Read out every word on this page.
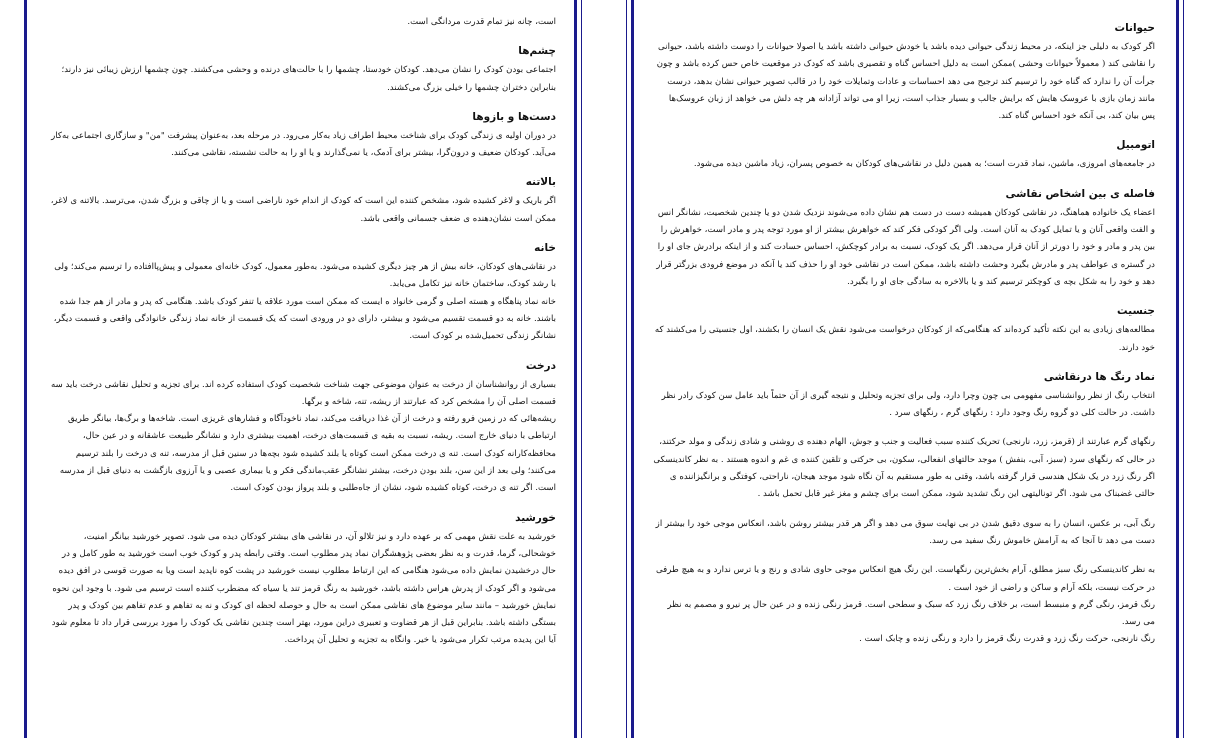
است، چانه نیز تمام قدرت مردانگی است.

چشم‌ها

اجتماعی بودن کودک را نشان می‌دهد. کودکان خودستا، چشمها را با حالت‌های درنده و وحشی می‌کشند. چون چشمها ارزش زیبائی نیز دارند؛ بنابراین دختران چشمها را خیلی بزرگ می‌کشند.

دست‌ها و بازوها

در دوران اولیه ی زندگی کودک برای شناخت محیط اطراف زیاد به‌کار می‌رود. در مرحله بعد، به‌عنوان پیشرفت "من" و سازگاری اجتماعی به‌کار می‌آید. کودکان ضعیف و درون‌گرا، بیشتر برای آدمک، یا نمی‌گذارند و یا او را به حالت نشسته، نقاشی می‌کنند.

بالاتنه

اگر باریک و لاغر کشیده شود، مشخص کننده این است که کودک از اندام خود ناراضی است و یا از چاقی و بزرگ شدن، می‌ترسد. بالاتنه ی لاغر، ممکن است نشان‌دهنده ی ضعف جسمانی واقعی باشد.

خانه

در نقاشی‌های کودکان، خانه بیش از هر چیز دیگری کشیده می‌شود. به‌طور معمول، کودک خانه‌ای معمولی و پیش‌پاافتاده را ترسیم می‌کند؛ ولی با رشد کودک، ساختمان خانه نیز تکامل می‌یابد.

خانه نماد پناهگاه و هسته اصلی و گرمی خانواد ه ایست که ممکن است مورد علاقه یا تنفر کودک باشد. هنگامی که پدر و مادر از هم جدا شده باشند. خانه به دو قسمت تقسیم می‌شود و بیشتر، دارای دو در ورودی است که یک قسمت از خانه نماد زندگی خانوادگی واقعی و قسمت دیگر، نشانگر زندگی تحمیل‌شده بر کودک است.

درخت

بسیاری از روانشناسان از درخت به عنوان موضوعی جهت شناخت شخصیت کودک استفاده کرده اند. برای تجزیه و تحلیل نقاشی درخت باید سه قسمت اصلی آن را مشخص کرد که عبارتند از ریشه، تنه، شاخه و برگها.

ریشه‌هائی که در زمین فرو رفته و درخت از آن غذا دریافت می‌کند، نماد ناخودآگاه و فشارهای غریزی است. شاخه‌ها و برگ‌ها، بیانگر طریق ارتباطی با دنیای خارج است. ریشه، نسبت به بقیه ی قسمت‌های درخت، اهمیت بیشتری دارد و نشانگر طبیعت عاشقانه و در عین حال، محافظه‌کارانه کودک است. تنه ی درخت ممکن است کوتاه یا بلند کشیده شود بچه‌ها در سنین قبل از مدرسه، تنه ی درخت را بلند ترسیم می‌کنند؛ ولی بعد از این سن، بلند بودن درخت، بیشتر نشانگر عقب‌ماندگی فکر و یا بیماری عصبی و یا آرزوی بازگشت به دنیای قبل از مدرسه است. اگر تنه ی درخت، کوتاه کشیده شود، نشان از جاه‌طلبی و بلند پرواز بودن کودک است.

خورشید

خورشید به علت نقش مهمی که بر عهده دارد و نیز تلالو آن، در نقاشی های بیشتر کودکان دیده می شود. تصویر خورشید بیانگر امنیت، خوشحالی، گرما، قدرت و به نظر بعضی پژوهشگران نماد پدر مطلوب است. وقتی رابطه پدر و کودک خوب است خورشید به طور کامل و در حال درخشیدن نمایش داده می‌شود هنگامی که این ارتباط مطلوب نیست خورشید در پشت کوه ناپدید است ویا به صورت قوسی در افق دیده می‌شود و اگر کودک از پدرش هراس داشته باشد، خورشید به رنگ قرمز تند یا سیاه که مضطرب کننده است ترسیم می شود. با وجود این نحوه نمایش خورشید – مانند سایر موضوع های نقاشی ممکن است به حال و حوصله لحظه ای کودک و نه به تفاهم و عدم تفاهم بین کودک و پدر بستگی داشته باشد. بنابراین قبل از هر قضاوت و تعبیری دراین مورد، بهتر است چندین نقاشی یک کودک را مورد بررسی قرار داد تا معلوم شود آیا این پدیده مرتب تکرار می‌شود یا خیر. وانگاه به تجزیه و تحلیل آن پرداخت.

حیوانات

اگر کودک به دلیلی جز اینکه، در محیط زندگی حیوانی دیده باشد یا خودش حیوانی داشته باشد یا اصولا حیوانات را دوست داشته باشد، حیوانی را نقاشی کند ( معمولاً حیوانات وحشی )ممکن است به دلیل احساس گناه و تقصیری باشد که کودک در موقعیت خاص حس کرده باشد و چون جرأت آن را ندارد که گناه خود را ترسیم کند ترجیح می دهد احساسات و عادات وتمایلات خود را در قالب تصویر حیوانی نشان بدهد، درست مانند زمان بازی با عروسک هایش که برایش جالب و بسیار جذاب است، زیرا او می تواند آزادانه هر چه دلش می خواهد از زبان عروسک‌ها پس بیان کند، بی آنکه خود احساس گناه کند.

اتومبیل

در جامعه‌های امروزی، ماشین، نماد قدرت است؛ به همین دلیل در نقاشی‌های کودکان به خصوص پسران، زیاد ماشین دیده می‌شود.

فاصله ی بین اشخاص نقاشی

اعضاء یک خانواده هماهنگ، در نقاشی کودکان همیشه دست در دست هم نشان داده می‌شوند نزدیک شدن دو یا چندین شخصیت، نشانگر انس و الفت واقعی آنان و یا تمایل کودک به آنان است. ولی اگر کودکی فکر کند که خواهرش بیشتر از او مورد توجه پدر و مادر است، خواهرش را بین پدر و مادر و خود را دورتر از آنان قرار می‌دهد. اگر یک کودک، نسبت به برادر کوچکش، احساس حسادت کند و از اینکه برادرش جای او را در گستره ی عواطف پدر و مادرش بگیرد وحشت داشته باشد، ممکن است در نقاشی خود او را حذف کند یا آنکه در موضع فرودی بزرگتر قرار دهد و خود را به شکل بچه ی کوچکتر ترسیم کند و یا بالاخره به سادگی جای او را بگیرد.

جنسیت

مطالعه‌های زیادی به این نکته تأکید کرده‌اند که هنگامی‌که از کودکان درخواست می‌شود نقش یک انسان را بکشند، اول جنسیتی را می‌کشند که خود دارند.

نماد رنگ ها درنقاشی

انتخاب رنگ از نظر روانشناسی مفهومی بی چون وچرا دارد، ولی برای تجزیه وتحلیل و نتیجه گیری از آن حتماً باید عامل سن کودک رادر نظر داشت. در حالت کلی دو گروه رنگ وجود دارد : رنگهای گرم ، رنگهای سرد .

رنگهای گرم عبارتند از (قرمز، زرد، نارنجی) تحریک کننده سبب فعالیت و جنب و جوش، الهام دهنده ی روشنی و شادی زندگی و مولد حرکتند، در حالی که رنگهای سرد (سبز، آبی، بنفش ) موجد حالتهای انفعالی، سکون، بی حرکتی و تلقین کننده ی غم و اندوه هستند . به نظر کاندینسکی اگر رنگ زرد در یک شکل هندسی قرار گرفته باشد، وقتی به طور مستقیم به آن نگاه شود موجد هیجان، ناراحتی، کوفتگی و برانگیزاننده ی حالتی غضبناک می شود. اگر تونالیتهی این رنگ تشدید شود، ممکن است برای چشم و مغز غیر قابل تحمل باشد .

رنگ آبی، بر عکس، انسان را به سوی دقیق شدن در بی نهایت سوق می دهد و اگر هر قدر بیشتر روشن باشد، انعکاس موجی خود را بیشتر از دست می دهد تا آنجا که به آرامش خاموش رنگ سفید می رسد.

به نظر کاندینسکی رنگ سبز مطلق، آرام بخش‌ترین رنگهاست. این رنگ هیچ انعکاس موجی حاوی شادی و رنج و یا ترس ندارد و به هیچ طرفی در حرکت نیست، بلکه آرام و ساکن و راضی از خود است .

رنگ قرمز، رنگی گرم و منبسط است، بر خلاف رنگ زرد که سبک و سطحی است. قرمز رنگی زنده و در عین حال پر نیرو و مصمم به نظر می رسد.

رنگ نارنجی، حرکت رنگ زرد و قدرت رنگ قرمز را دارد و رنگی زنده و چابک است .
